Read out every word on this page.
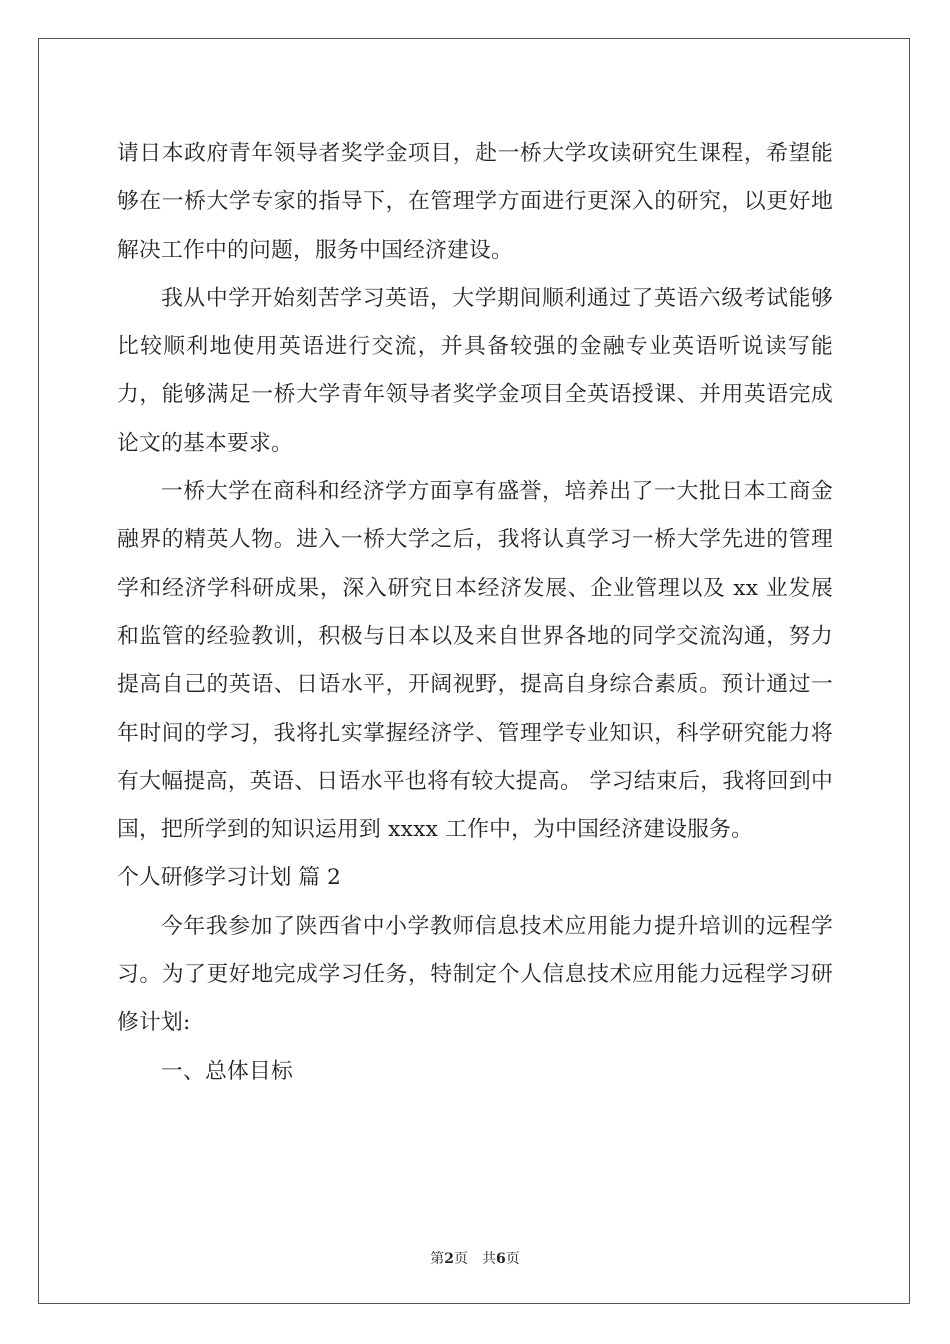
请日本政府青年领导者奖学金项目，赴一桥大学攻读研究生课程，希望能够在一桥大学专家的指导下，在管理学方面进行更深入的研究，以更好地解决工作中的问题，服务中国经济建设。

我从中学开始刻苦学习英语，大学期间顺利通过了英语六级考试能够比较顺利地使用英语进行交流，并具备较强的金融专业英语听说读写能力，能够满足一桥大学青年领导者奖学金项目全英语授课、并用英语完成论文的基本要求。

一桥大学在商科和经济学方面享有盛誉，培养出了一大批日本工商金融界的精英人物。进入一桥大学之后，我将认真学习一桥大学先进的管理学和经济学科研成果，深入研究日本经济发展、企业管理以及 xx 业发展和监管的经验教训，积极与日本以及来自世界各地的同学交流沟通，努力提高自己的英语、日语水平，开阔视野，提高自身综合素质。预计通过一年时间的学习，我将扎实掌握经济学、管理学专业知识，科学研究能力将有大幅提高，英语、日语水平也将有较大提高。 学习结束后，我将回到中国，把所学到的知识运用到 xxxx 工作中，为中国经济建设服务。

个人研修学习计划 篇 2

今年我参加了陕西省中小学教师信息技术应用能力提升培训的远程学习。为了更好地完成学习任务，特制定个人信息技术应用能力远程学习研修计划:

一、总体目标

第2页　共6页
